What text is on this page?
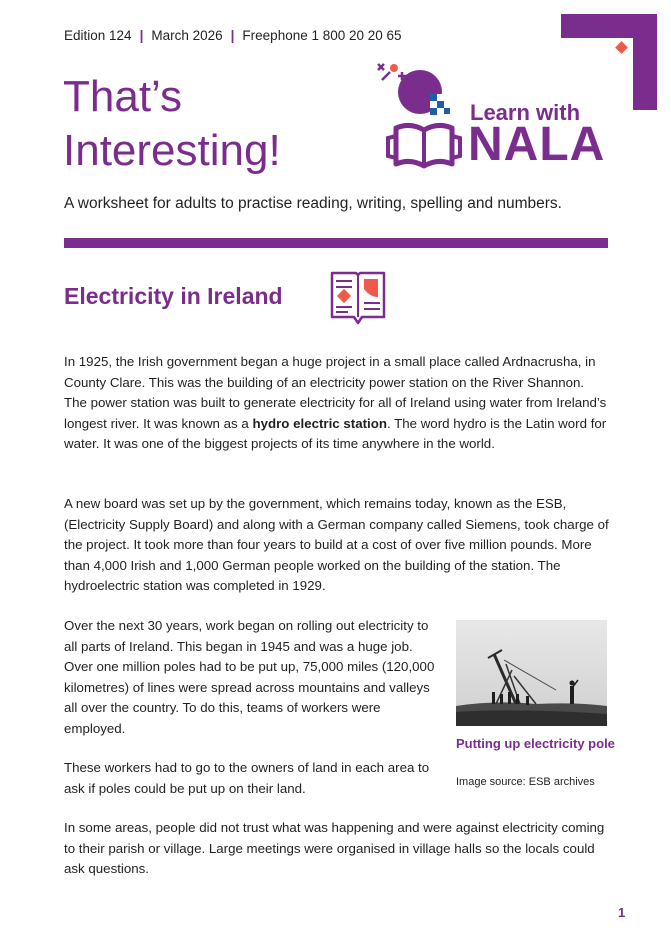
Edition 124 | March 2026 | Freephone 1 800 20 20 65
That’s
Interesting!
Learn with
NALA
A worksheet for adults to practise reading, writing, spelling and numbers.
Electricity in Ireland

In 1925, the Irish government began a huge project in a small place called Ardnacrusha, in County Clare. This was the building of an electricity power station on the River Shannon. The power station was built to generate electricity for all of Ireland using water from Ireland’s longest river. It was known as a hydro electric station. The word hydro is the Latin word for water. It was one of the biggest projects of its time anywhere in the world.

A new board was set up by the government, which remains today, known as the ESB, (Electricity Supply Board) and along with a German company called Siemens, took charge of the project. It took more than four years to build at a cost of over five million pounds. More than 4,000 Irish and 1,000 German people worked on the building of the station. The hydroelectric station was completed in 1929.

Over the next 30 years, work began on rolling out electricity to all parts of Ireland. This began in 1945 and was a huge job. Over one million poles had to be put up, 75,000 miles (120,000 kilometres) of lines were spread across mountains and valleys all over the country. To do this, teams of workers were employed.

These workers had to go to the owners of land in each area to ask if poles could be put up on their land.

In some areas, people did not trust what was happening and were against electricity coming to their parish or village. Large meetings were organised in village halls so the locals could ask questions.

Putting up electricity pole
Image source: ESB archives
1
